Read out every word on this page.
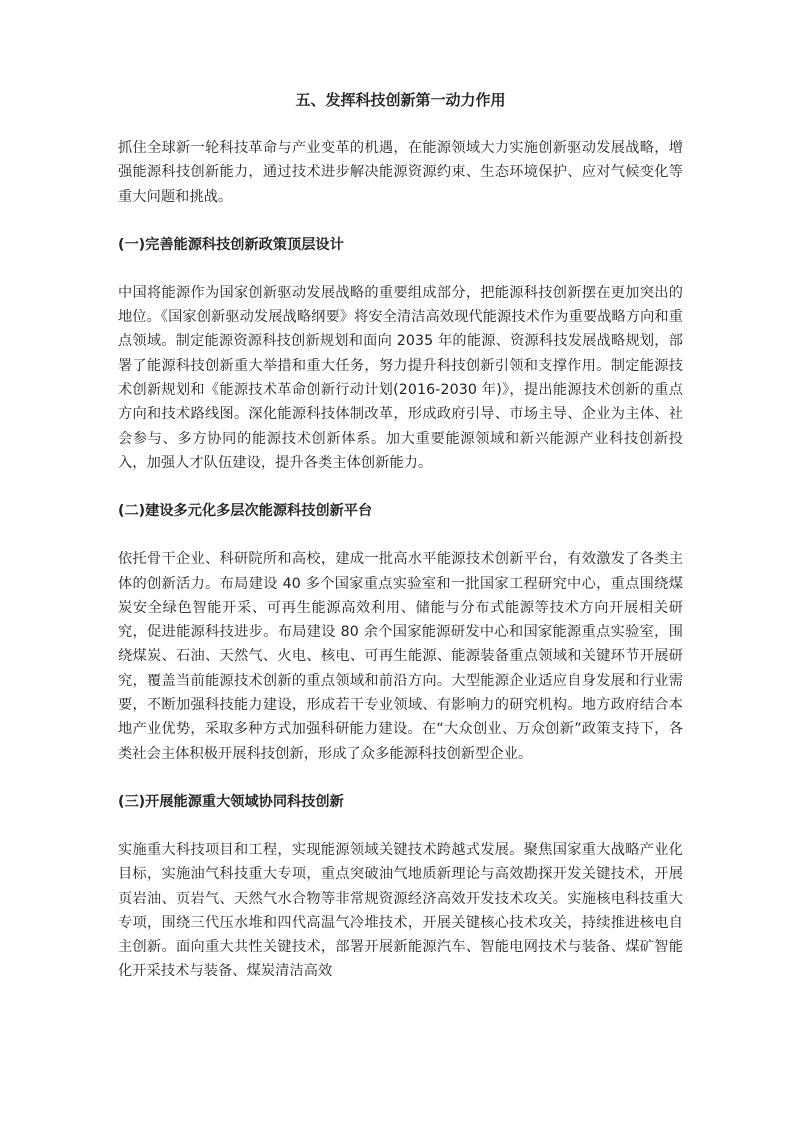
五、发挥科技创新第一动力作用

抓住全球新一轮科技革命与产业变革的机遇，在能源领域大力实施创新驱动发展战略，增强能源科技创新能力，通过技术进步解决能源资源约束、生态环境保护、应对气候变化等重大问题和挑战。

(一)完善能源科技创新政策顶层设计

中国将能源作为国家创新驱动发展战略的重要组成部分，把能源科技创新摆在更加突出的地位。《国家创新驱动发展战略纲要》将安全清洁高效现代能源技术作为重要战略方向和重点领域。制定能源资源科技创新规划和面向 2035 年的能源、资源科技发展战略规划，部署了能源科技创新重大举措和重大任务，努力提升科技创新引领和支撑作用。制定能源技术创新规划和《能源技术革命创新行动计划(2016-2030 年)》，提出能源技术创新的重点方向和技术路线图。深化能源科技体制改革，形成政府引导、市场主导、企业为主体、社会参与、多方协同的能源技术创新体系。加大重要能源领域和新兴能源产业科技创新投入，加强人才队伍建设，提升各类主体创新能力。

(二)建设多元化多层次能源科技创新平台

依托骨干企业、科研院所和高校，建成一批高水平能源技术创新平台，有效激发了各类主体的创新活力。布局建设 40 多个国家重点实验室和一批国家工程研究中心，重点围绕煤炭安全绿色智能开采、可再生能源高效利用、储能与分布式能源等技术方向开展相关研究，促进能源科技进步。布局建设 80 余个国家能源研发中心和国家能源重点实验室，围绕煤炭、石油、天然气、火电、核电、可再生能源、能源装备重点领域和关键环节开展研究，覆盖当前能源技术创新的重点领域和前沿方向。大型能源企业适应自身发展和行业需要，不断加强科技能力建设，形成若干专业领域、有影响力的研究机构。地方政府结合本地产业优势，采取多种方式加强科研能力建设。在“大众创业、万众创新”政策支持下，各类社会主体积极开展科技创新，形成了众多能源科技创新型企业。

(三)开展能源重大领域协同科技创新

实施重大科技项目和工程，实现能源领域关键技术跨越式发展。聚焦国家重大战略产业化目标，实施油气科技重大专项，重点突破油气地质新理论与高效勘探开发关键技术，开展页岩油、页岩气、天然气水合物等非常规资源经济高效开发技术攻关。实施核电科技重大专项，围绕三代压水堆和四代高温气冷堆技术，开展关键核心技术攻关，持续推进核电自主创新。面向重大共性关键技术，部署开展新能源汽车、智能电网技术与装备、煤矿智能化开采技术与装备、煤炭清洁高效
